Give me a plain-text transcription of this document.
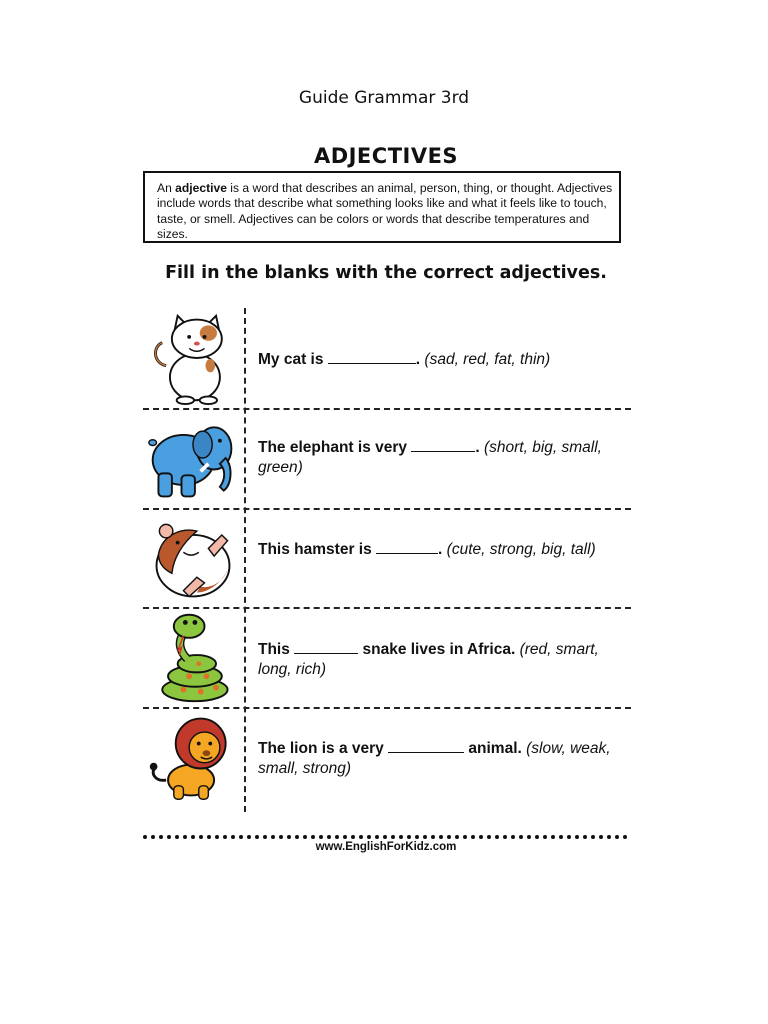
Guide Grammar 3rd
ADJECTIVES
An adjective is a word that describes an animal, person, thing, or thought. Adjectives include words that describe what something looks like and what it feels like to touch, taste, or smell. Adjectives can be colors or words that describe temperatures and sizes.
Fill in the blanks with the correct adjectives.
My cat is	. (sad, red, fat, thin)
The elephant is very	. (short, big, small, green)
This hamster is	. (cute, strong, big, tall)
This	snake lives in Africa. (red, smart, long, rich)
The lion is a very	animal. (slow, weak, small, strong)
www.EnglishForKidz.com
